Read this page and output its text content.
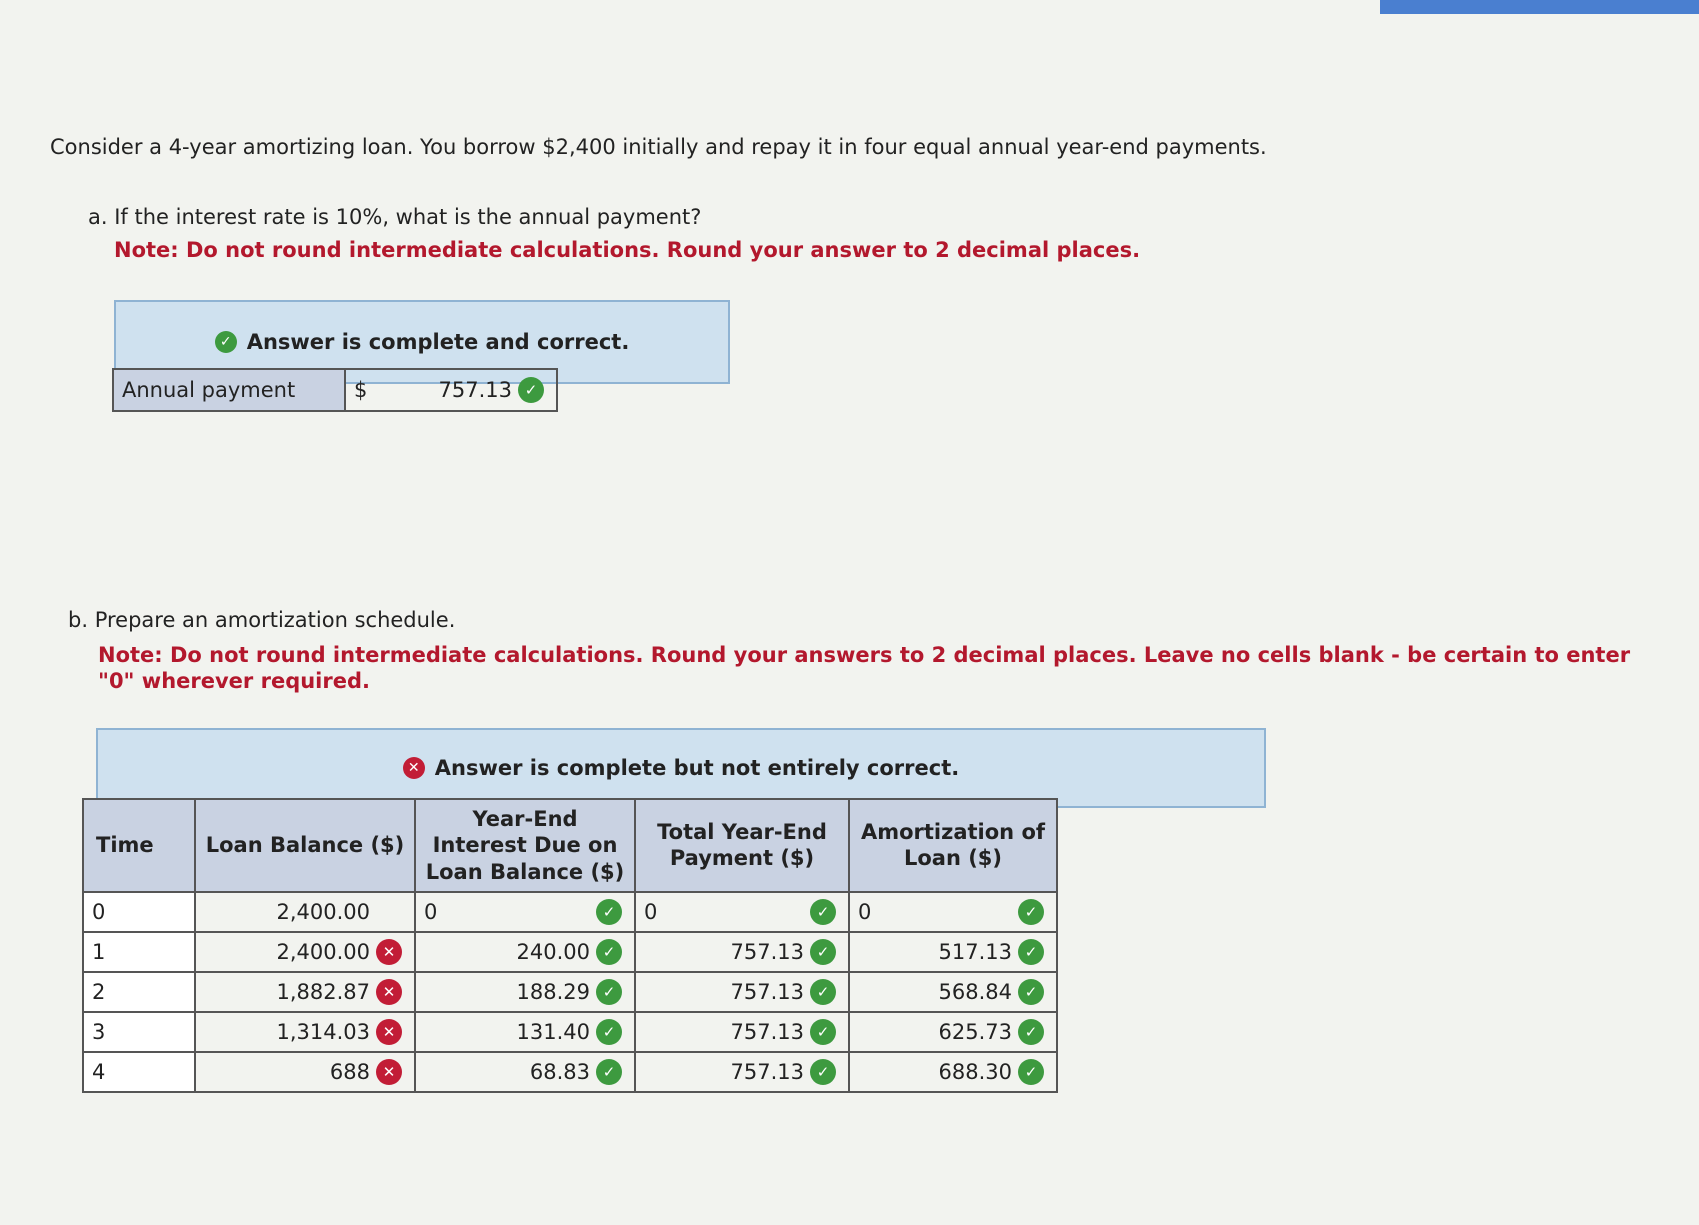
Consider a 4-year amortizing loan. You borrow $2,400 initially and repay it in four equal annual year-end payments.
a. If the interest rate is 10%, what is the annual payment?
Note: Do not round intermediate calculations. Round your answer to 2 decimal places.
✓ Answer is complete and correct.
Annual payment	$	757.13 ✓
b. Prepare an amortization schedule.
Note: Do not round intermediate calculations. Round your answers to 2 decimal places. Leave no cells blank - be certain to enter "0" wherever required.
✕ Answer is complete but not entirely correct.
Time	Loan Balance ($)	Year-End Interest Due on Loan Balance ($)	Total Year-End Payment ($)	Amortization of Loan ($)
0	2,400.00	0 ✓	0 ✓	0 ✓

1	2,400.00 ✕	240.00 ✓	757.13 ✓	517.13 ✓

2	1,882.87 ✕	188.29 ✓	757.13 ✓	568.84 ✓

3	1,314.03 ✕	131.40 ✓	757.13 ✓	625.73 ✓

4	688 ✕	68.83 ✓	757.13 ✓	688.30 ✓
